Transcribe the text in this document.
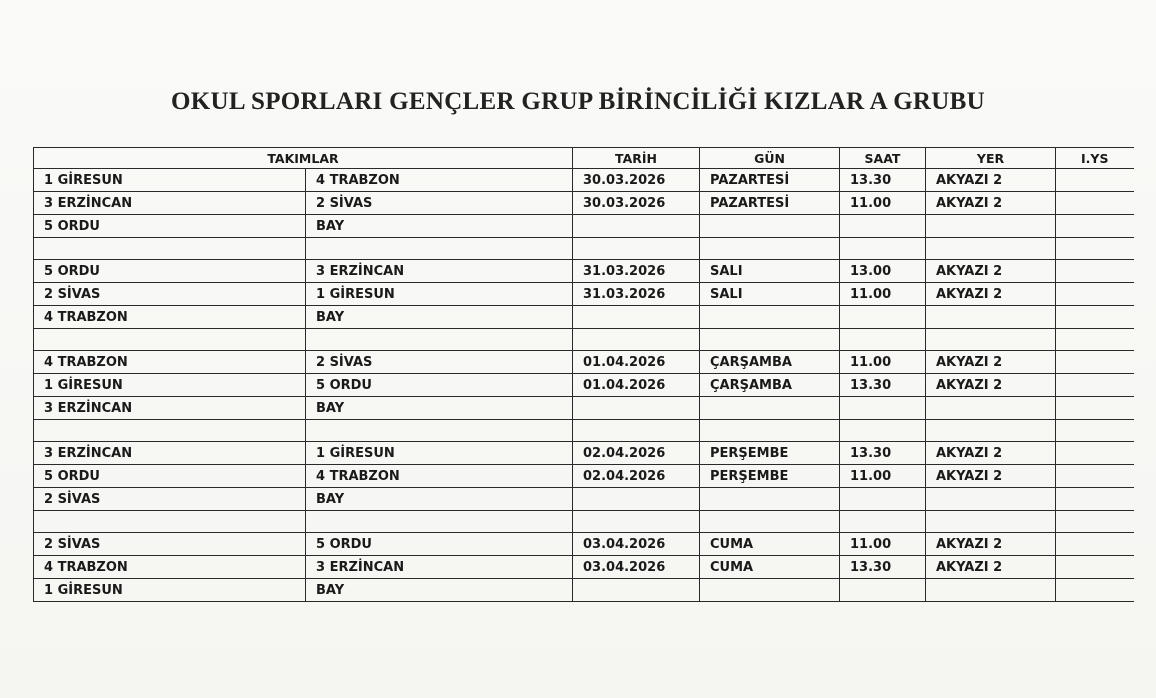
OKUL SPORLARI GENÇLER GRUP BİRİNCİLİĞİ KIZLAR A GRUBU
TAKIMLAR		TARİH	GÜN	SAAT	YER	I.YS
1 GİRESUN	4 TRABZON	30.03.2026	PAZARTESİ	13.30	AKYAZI 2	
3 ERZİNCAN	2 SİVAS	30.03.2026	PAZARTESİ	11.00	AKYAZI 2	
5 ORDU	BAY					

5 ORDU	3 ERZİNCAN	31.03.2026	SALI	13.00	AKYAZI 2	
2 SİVAS	1 GİRESUN	31.03.2026	SALI	11.00	AKYAZI 2	
4 TRABZON	BAY					

4 TRABZON	2 SİVAS	01.04.2026	ÇARŞAMBA	11.00	AKYAZI 2	
1 GİRESUN	5 ORDU	01.04.2026	ÇARŞAMBA	13.30	AKYAZI 2	
3 ERZİNCAN	BAY					

3 ERZİNCAN	1 GİRESUN	02.04.2026	PERŞEMBE	13.30	AKYAZI 2	
5 ORDU	4 TRABZON	02.04.2026	PERŞEMBE	11.00	AKYAZI 2	
2 SİVAS	BAY					

2 SİVAS	5 ORDU	03.04.2026	CUMA	11.00	AKYAZI 2	
4 TRABZON	3 ERZİNCAN	03.04.2026	CUMA	13.30	AKYAZI 2	
1 GİRESUN	BAY					
